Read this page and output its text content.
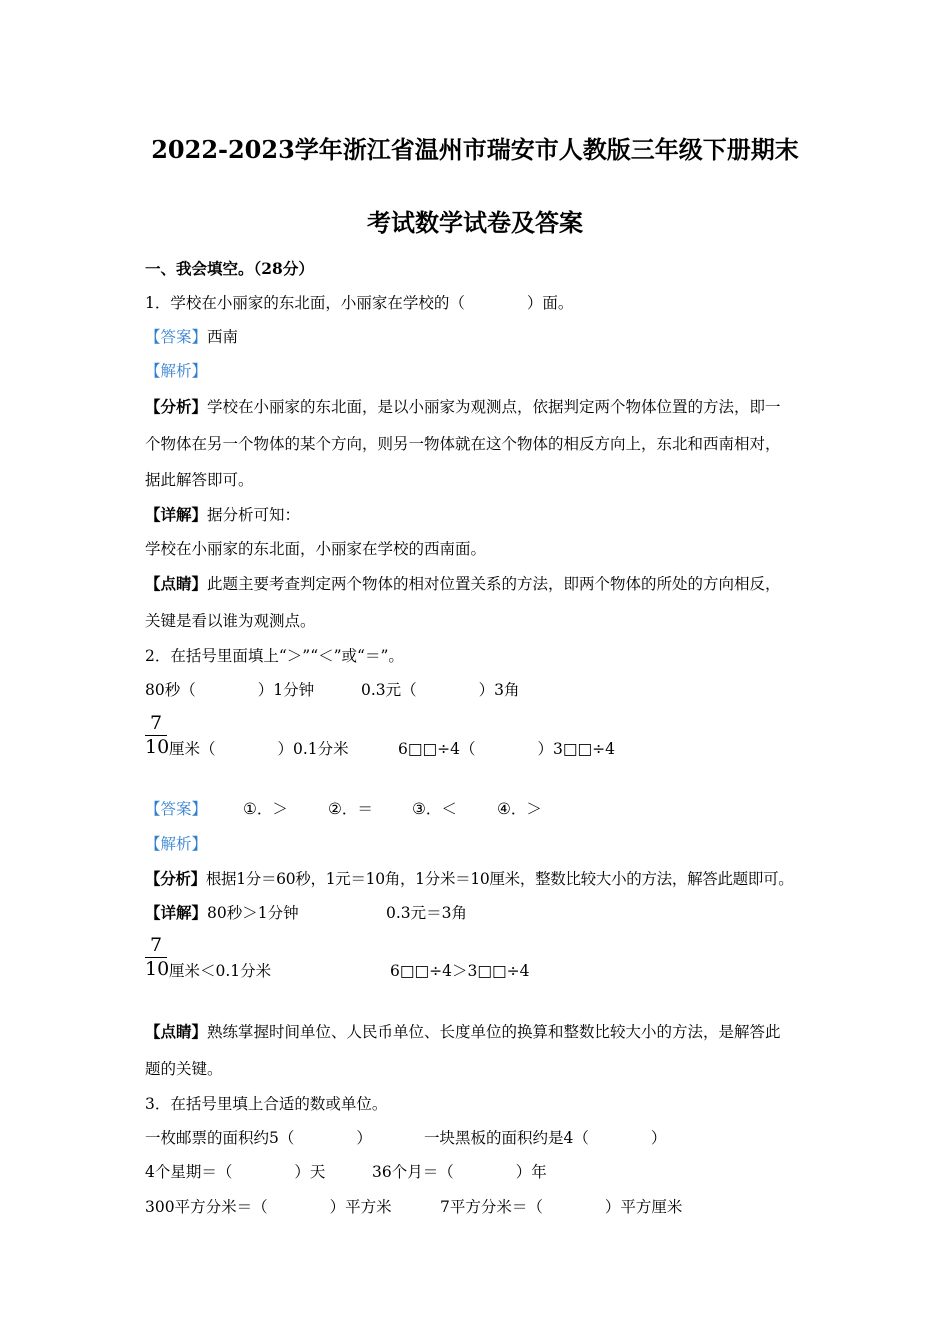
2022-2023学年浙江省温州市瑞安市人教版三年级下册期末
考试数学试卷及答案
一、我会填空。（28分）
1．学校在小丽家的东北面，小丽家在学校的（　　　　）面。
【答案】西南
【解析】
【分析】学校在小丽家的东北面，是以小丽家为观测点，依据判定两个物体位置的方法，即一
个物体在另一个物体的某个方向，则另一物体就在这个物体的相反方向上，东北和西南相对，
据此解答即可。
【详解】据分析可知：
学校在小丽家的东北面，小丽家在学校的西南面。
【点睛】此题主要考查判定两个物体的相对位置关系的方法，即两个物体的所处的方向相反，
关键是看以谁为观测点。
2．在括号里面填上“＞”“＜”或“＝”。
80秒（　　　　）1分钟	0.3元（　　　　）3角
7
10 厘米（　　　　）0.1分米	6□□÷4（　　　　）3□□÷4
【答案】 ①．＞	②．＝	③．＜	④．＞
【解析】
【分析】根据1分＝60秒，1元＝10角，1分米＝10厘米，整数比较大小的方法，解答此题即可。
【详解】80秒＞1分钟	0.3元＝3角
7
10 厘米＜0.1分米	6□□÷4＞3□□÷4
【点睛】熟练掌握时间单位、人民币单位、长度单位的换算和整数比较大小的方法，是解答此
题的关键。
3．在括号里填上合适的数或单位。
一枚邮票的面积约5（　　　　）	一块黑板的面积约是4（　　　　）
4个星期＝（　　　　）天	36个月＝（　　　　）年
300平方分米＝（　　　　）平方米	7平方分米＝（　　　　）平方厘米
